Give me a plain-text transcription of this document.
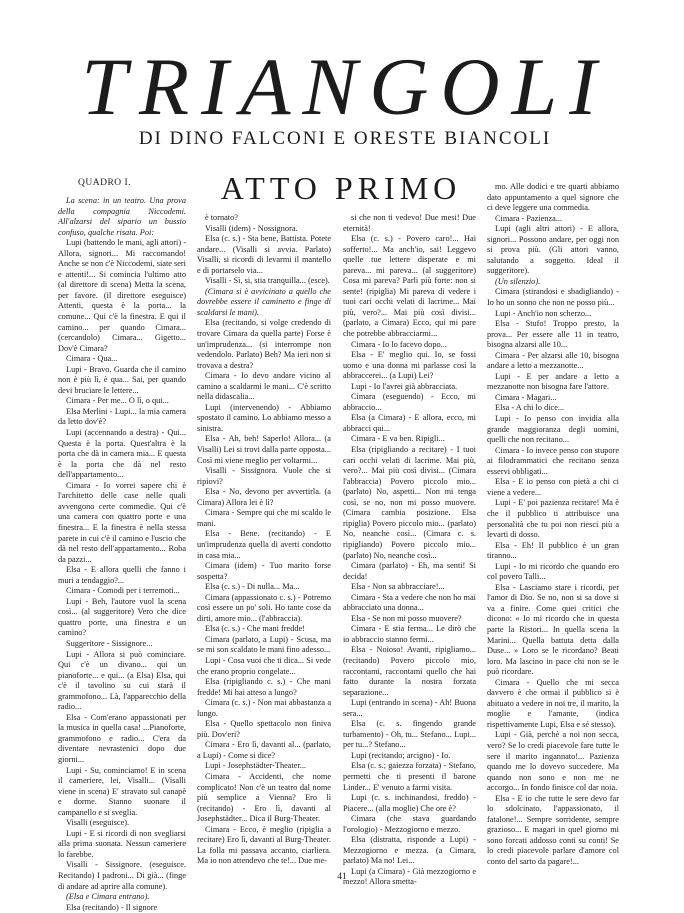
TRIANGOLI

DI DINO FALCONI E ORESTE BIANCOLI

QUADRO I.	ATTO PRIMO

La scena: in un teatro. Una prova della compagnia Niccodemi. All'alzarsi del sipario un bussio confuso, qualche risata. Poi:

Lupi (battendo le mani, agli attori) - Allora, signori... Mi raccomando! Anche se non c'è Niccodemi, siate seri e attenti!... Si comincia l'ultimo atto (al direttore di scena) Metta la scena, per favore. (il direttore eseguisce) Attenti, questa è la porta... la comune... Qui c'è la finestra. E qui il camino... per quando Cimara... (cercandolo) Cimara... Gigetto... Dov'è Cimara?

Cimara - Qua...

Lupi - Bravo. Guarda che il camino non è più lì, è qua... Sai, per quando devi bruciare le lettere...

Cimara - Per me... O lì, o qui...

Elsa Merlini - Lupi... la mia camera da letto dov'è?

Lupi (accennando a destra) - Qui... Questa è la porta. Quest'altra è la porta che dà in camera mia... E questa è la porta che dà nel resto dell'appartamento...

Cimara - Io vorrei sapere chi è l'architetto delle case nelle quali avvengono certe commedie. Qui c'è una camera con quattro porte e una finestra... E la finestra è nella stessa parete in cui c'è il camino e l'uscio che dà nel resto dell'appartamento... Roba da pazzi...

Elsa - E allora quelli che fanno i muri a tendaggio?...

Cimara - Comodi per i terremoti...

Lupi - Beh, l'autore vuol la scena così... (al suggeritore) Vero che dice quattro porte, una finestra e un camino?

Suggeritore - Sissignore...

Lupi - Allora si può cominciare. Qui c'è un divano... qui un pianoforte... e qui... (a Elsa) Elsa, qui c'è il tavolino su cui starà il grammofono... Là, l'apparecchio della radio...

Elsa - Com'erano appassionati per la musica in quella casa! ...Pianoforte, grammofono e radio... C'era da diventare nevrastenici dopo due giorni...

Lupi - Su, cominciamo! E in scena il cameriere, lei, Visalli... (Visalli viene in scena) E' stravato sul canapè e dorme. Stanno suonare il campanello e si sveglia.

Visalli (eseguisce).

Lupi - E si ricordi di non svegliarsi alla prima suonata. Nessun cameriere lo farebbe.

Visalli - Sissignore. (eseguisce. Recitando) I padroni... Di già... (finge di andare ad aprire alla comune).

(Elsa e Cimara entrano).

Elsa (recitando) - Il signore

è tornato?

Visalli (idem) - Nossignora.

Elsa (c. s.) - Sta bene, Battista. Potete andare... (Visalli si avvia. Parlato) Visalli, si ricordi di levarmi il mantello e di portarselo via...

Visalli - Sì, si, stia tranquilla... (esce).

(Cimara si è avvicinato a quello che dovrebbe essere il caminetto e finge di scaldarsi le mani).

Elsa (recitando, si volge credendo di trovare Cimara da quella parte) Forse è un'imprudenza... (si interrompe non vedendolo. Parlato) Beh? Ma ieri non si trovava a destra?

Cimara - Io devo andare vicino al camino a scaldarmi le mani... C'è scritto nella didascalia...

Lupi (intervenendo) - Abbiamo spostato il camino. Lo abbiamo messo a sinistra.

Elsa - Ah, beh! Saperlo! Allora... (a Visalli) Lei si trovi dalla parte opposta... Così mi viene meglio per voltarmi...

Visalli - Sissignora. Vuole che si ripiovi?

Elsa - No, devono per avvertirla. (a Cimara) Allora lei è lì?

Cimara - Sempre qui che mi scaldo le mani.

Elsa - Bene. (recitando) - E un'imprudenza quella di averti condotto in casa mia...

Cimara (idem) - Tuo marito forse sospetta?

Elsa (c. s.) - Di nulla... Ma...

Cimara (appassionato c. s.) - Potremo così essere un po' soli. Ho tante cose da dirti, amore mio... (l'abbraccia).

Elsa (c. s.) - Che mani fredde!

Cimara (parlato, a Lupi) - Scusa, ma se mi son scaldato le mani fino adesso...

Lupi - Cosa vuoi che ti dica... Si vede che erano proprio congelate...

Elsa (ripigliando c. s.) - Che mani fredde! Mi hai atteso a lungo?

Cimara (c. s.) - Non mai abbastanza a lungo.

Elsa - Quello spettacolo non finiva più. Dov'eri?

Cimara - Ero lì, davanti al... (parlato, a Lupi) - Come si dice?

Lupi - Josephstädter-Theater...

Cimara - Accidenti, che nome complicato! Non c'è un teatro dal nome più semplice a Vienna? Ero lì (recitando) - Ero lì, davanti al Josephstädter... Dica il Burg-Theater.

Cimara - Ecco, è meglio (ripiglia a recitare) Ero lì, davanti al Burg-Theater. La folla mi passava accanto, ciarliera. Ma io non attendevo che te!... Due me-

si che non ti vedevo! Due mesi! Due eternità!

Elsa (c. s.) - Povero caro!... Hai sofferto!... Ma anch'io, sai! Leggevo quelle tue lettere disperate e mi pareva... mi pareva... (al suggeritore) Cosa mi pareva? Parli più forte: non si sente! (ripiglia) Mi pareva di vedere i tuoi cari occhi velati di lacrime... Mai più, vero?... Mai più così divisi... (parlato, a Cimara) Ecco, qui mi pare che potrebbe abbracciarmi...

Cimara - Io lo facevo dopo...

Elsa - E' meglio qui. Io, se fossi uomo e una donna mi parlasse così la abbraccerei... (a Lupi) Lei?

Lupi - Io l'avrei già abbracciata.

Cimara (eseguendo) - Ecco, mi abbraccio...

Elsa (a Cimara) - E allora, ecco, mi abbracci qui...

Cimara - E va ben. Ripigli...

Elsa (ripigliando a recitare) - I tuoi cari occhi velati di lacrime. Mai più, vero?... Mai più così divisi... (Cimara l'abbraccia) Povero piccolo mio... (parlato) No, aspetti... Non mi tenga così, se no, non mi posso muovere. (Cimara cambia posizione. Elsa ripiglia) Povero piccolo mio... (parlato) No, neanche così... (Cimara c. s. ripigliando) Povero piccolo mio... (parlato) No, neanche così...

Cimara (parlato) - Eh, ma senti! Si decida!

Elsa - Non sa abbracciare!...

Cimara - Sta a vedere che non ho mai abbracciato una donna...

Elsa - Se non mi posso muovere?

Cimara - E stia ferma... Le dirò che io abbraccio stanno fermi...

Elsa - Noioso! Avanti, ripigliamo... (recitando) Povero piccolo mio, raccontami, raccontami quello che hai fatto durante la nostra forzata separazione...

Lupi (entrando in scena) - Ah! Buona sera...

Elsa (c. s. fingendo grande turbamento) - Oh, tu... Stefano... Lupi... per tu...? Stefano...

Lupi (recitando; arcigno) - Io.

Elsa (c. s.; gaiezza forzata) - Stefano, permetti che ti presenti il barone Linder... E' venuto a farmi visita.

Lupi (c. s. inchinandosi, freddo) - Piacere... (alla moglie) Che ore è?

Cimara (che stava guardando l'orologio) - Mezzogiorno e mezzo.

Elsa (distratta, risponde a Lupi) - Mezzogiorno e mezza. (a Cimara, parlato) Ma no! Lei...

Lupi (a Cimara) - Già mezzogiorno e mezzo! Allora smetta-

mo. Alle dodici e tre quarti abbiamo dato appuntamento a quel signore che ci deve leggere una commedia.

Cimara - Pazienza...

Lupi (agli altri attori) - E allora, signori... Possono andare, per oggi non si prova più. (Gli attori vanno, salutando a soggetto. Ideal il suggeritore).

(Un silenzio).

Cimara (stirandosi e sbadigliando) - Io ho un sonno che non ne posso più...

Lupi - Anch'io non scherzo...

Elsa - Stufo! Troppo presto, la prova... Per essere alle 11 in teatro, bisogna alzarsi alle 10...

Cimara - Per alzarsi alle 10, bisogna andare a letto a mezzanotte...

Lupi - E per andare a letto a mezzanotte non bisogna fare l'attore.

Cimara - Magari...

Elsa - A chi lo dice...

Lupi - Io penso con invidia alla grande maggioranza degli uomini, quelli che non recitano...

Cimara - Io invece penso con stupore ai filodrammatici che recitano senza esservi obbligati...

Elsa - E io penso con pietà a chi ci viene a vedere...

Lupi - E' poi pazienza recitare! Ma è che il pubblico ti attribuisce una personalità che tu poi non riesci più a levarti di dosso.

Elsa - Eh! Il pubblico è un gran tiranno...

Lupi - Io mi ricordo che quando ero col povero Talli...

Elsa - Lasciamo stare i ricordi, per l'amor di Dio. Se no, non si sa dove si va a finire. Come quei critici che dicono: « Io mi ricordo che in questa parte la Ristori... In quella scena la Marini... Quella battuta detta dalla Duse... » Loro se le ricordano? Beati loro. Ma lascino in pace chi non se le può ricordare.

Cimara - Quello che mi secca davvero è che ormai il pubblico si è abituato a vedere in noi tre, il marito, la moglie e l'amante, (indica rispettivamente Lupi, Elsa e sé stesso).

Lupi - Già, perchè a noi non secca, vero? Se lo credi piacevole fare tutte le sere il marito ingannato!... Pazienza quando me lo dovevo succedere. Ma quando non sono e non me ne accorgo... In fondo finisce col dar noia.

Elsa - E io che tutte le sere devo far lo sdolcinato, l'appassionato, il fatalone!... Sempre sorridente, sempre grazioso... E magari in quel giorno mi sono forcati addosso conti su conti! Se lo credi piacevole parlare d'amore col conto del sarto da pagare!...

41
